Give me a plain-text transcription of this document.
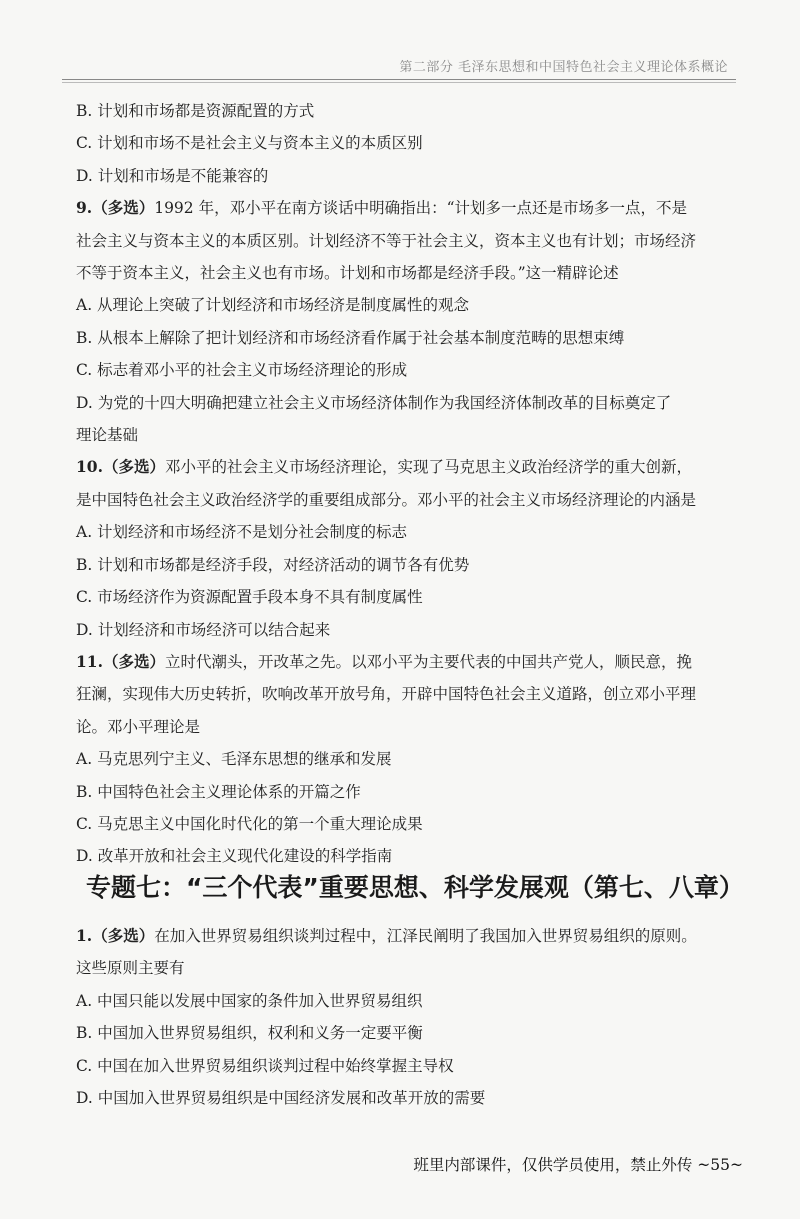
第二部分 毛泽东思想和中国特色社会主义理论体系概论
B. 计划和市场都是资源配置的方式
C. 计划和市场不是社会主义与资本主义的本质区别
D. 计划和市场是不能兼容的
9.（多选）1992 年，邓小平在南方谈话中明确指出：“计划多一点还是市场多一点，不是
社会主义与资本主义的本质区别。计划经济不等于社会主义，资本主义也有计划；市场经济
不等于资本主义，社会主义也有市场。计划和市场都是经济手段。”这一精辟论述
A. 从理论上突破了计划经济和市场经济是制度属性的观念
B. 从根本上解除了把计划经济和市场经济看作属于社会基本制度范畴的思想束缚
C. 标志着邓小平的社会主义市场经济理论的形成
D. 为党的十四大明确把建立社会主义市场经济体制作为我国经济体制改革的目标奠定了
理论基础
10.（多选）邓小平的社会主义市场经济理论，实现了马克思主义政治经济学的重大创新，
是中国特色社会主义政治经济学的重要组成部分。邓小平的社会主义市场经济理论的内涵是
A. 计划经济和市场经济不是划分社会制度的标志
B. 计划和市场都是经济手段，对经济活动的调节各有优势
C. 市场经济作为资源配置手段本身不具有制度属性
D. 计划经济和市场经济可以结合起来
11.（多选）立时代潮头，开改革之先。以邓小平为主要代表的中国共产党人，顺民意，挽
狂澜，实现伟大历史转折，吹响改革开放号角，开辟中国特色社会主义道路，创立邓小平理
论。邓小平理论是
A. 马克思列宁主义、毛泽东思想的继承和发展
B. 中国特色社会主义理论体系的开篇之作
C. 马克思主义中国化时代化的第一个重大理论成果
D. 改革开放和社会主义现代化建设的科学指南
专题七：“三个代表”重要思想、科学发展观（第七、八章）
1.（多选）在加入世界贸易组织谈判过程中，江泽民阐明了我国加入世界贸易组织的原则。
这些原则主要有
A. 中国只能以发展中国家的条件加入世界贸易组织
B. 中国加入世界贸易组织，权利和义务一定要平衡
C. 中国在加入世界贸易组织谈判过程中始终掌握主导权
D. 中国加入世界贸易组织是中国经济发展和改革开放的需要
班里内部课件，仅供学员使用，禁止外传 ~55~
